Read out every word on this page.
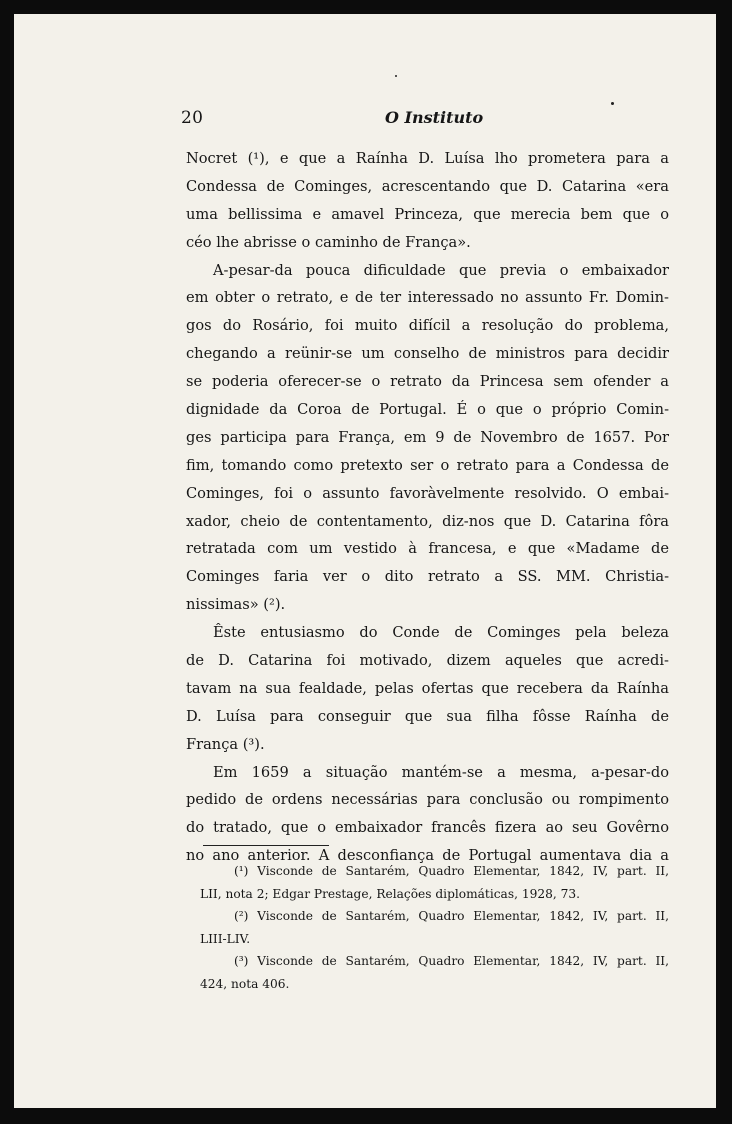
20	O Instituto
Nocret (¹), e que a Raínha D. Luísa lho prometera para a
Condessa de Cominges, acrescentando que D. Catarina «era
uma bellissima e amavel Princeza, que merecia bem que o
céo lhe abrisse o caminho de França».
A-pesar-da pouca dificuldade que previa o embaixador
em obter o retrato, e de ter interessado no assunto Fr. Domin-
gos do Rosário, foi muito difícil a resolução do problema,
chegando a reünir-se um conselho de ministros para decidir
se poderia oferecer-se o retrato da Princesa sem ofender a
dignidade da Coroa de Portugal. É o que o próprio Comin-
ges participa para França, em 9 de Novembro de 1657. Por
fim, tomando como pretexto ser o retrato para a Condessa de
Cominges, foi o assunto favoràvelmente resolvido. O embai-
xador, cheio de contentamento, diz-nos que D. Catarina fôra
retratada com um vestido à francesa, e que «Madame de
Cominges faria ver o dito retrato a SS. MM. Christia-
nissimas» (²).
Êste entusiasmo do Conde de Cominges pela beleza
de D. Catarina foi motivado, dizem aqueles que acredi-
tavam na sua fealdade, pelas ofertas que recebera da Raínha
D. Luísa para conseguir que sua filha fôsse Raínha de
França (³).
Em 1659 a situação mantém-se a mesma, a-pesar-do
pedido de ordens necessárias para conclusão ou rompimento
do tratado, que o embaixador francês fizera ao seu Govêrno
no ano anterior. A desconfiança de Portugal aumentava dia a
(¹) Visconde de Santarém, Quadro Elementar, 1842, IV, part. II,
LII, nota 2; Edgar Prestage, Relações diplomáticas, 1928, 73.
(²) Visconde de Santarém, Quadro Elementar, 1842, IV, part. II,
LIII-LIV.
(³) Visconde de Santarém, Quadro Elementar, 1842, IV, part. II,
424, nota 406.
